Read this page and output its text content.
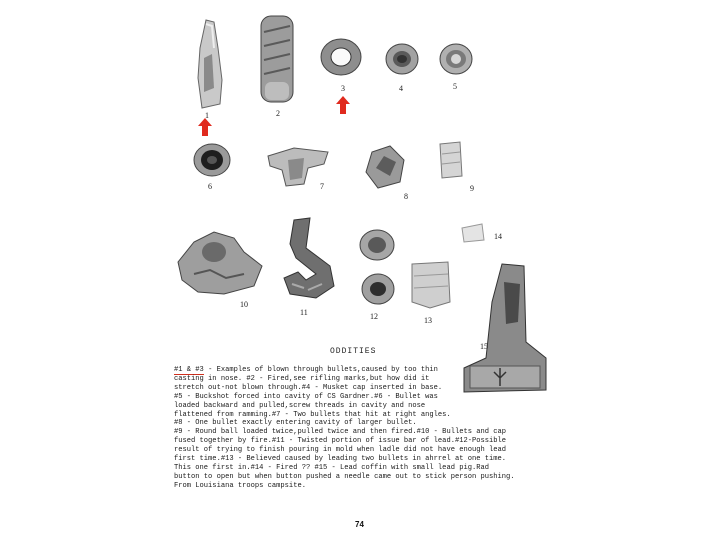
1	2
3	4	5
6	7
8
9
10
11	12	13
14
15
ODDITIES
#1 & #3 - Examples of blown through bullets,caused by too thin
casting in nose. #2 - Fired,see rifling marks,but how did it
stretch out-not blown through.#4 - Musket cap inserted in base.
#5 - Buckshot forced into cavity of CS Gardner.#6 - Bullet was
loaded backward and pulled,screw threads in cavity and nose
flattened from ramming.#7 - Two bullets that hit at right angles.
#8 - One bullet exactly entering cavity of larger bullet.
#9 - Round ball loaded twice,pulled twice and then fired.#10 - Bullets and cap
fused together by fire.#11 - Twisted portion of issue bar of lead.#12-Possible
result of trying to finish pouring in mold when ladle did not have enough lead
first time.#13 - Believed caused by leading two bullets in ahrrel at one time.
This one first in.#14 - Fired ?? #15 - Lead coffin with small lead pig.Rad
button to open but when button pushed a needle came out to stick person pushing.
From Louisiana troops campsite.
74
